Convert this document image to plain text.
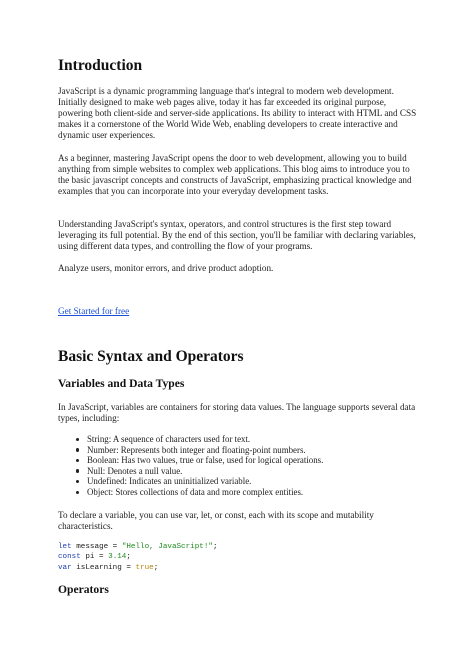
Introduction

JavaScript is a dynamic programming language that's integral to modern web development. Initially designed to make web pages alive, today it has far exceeded its original purpose, powering both client-side and server-side applications. Its ability to interact with HTML and CSS makes it a cornerstone of the World Wide Web, enabling developers to create interactive and dynamic user experiences.

As a beginner, mastering JavaScript opens the door to web development, allowing you to build anything from simple websites to complex web applications. This blog aims to introduce you to the basic javascript concepts and constructs of JavaScript, emphasizing practical knowledge and examples that you can incorporate into your everyday development tasks.

Understanding JavaScript's syntax, operators, and control structures is the first step toward leveraging its full potential. By the end of this section, you'll be familiar with declaring variables, using different data types, and controlling the flow of your programs.

Analyze users, monitor errors, and drive product adoption.

Get Started for free
Basic Syntax and Operators
Variables and Data Types

In JavaScript, variables are containers for storing data values. The language supports several data types, including:

String: A sequence of characters used for text.
Number: Represents both integer and floating-point numbers.
Boolean: Has two values, true or false, used for logical operations.
Null: Denotes a null value.
Undefined: Indicates an uninitialized variable.
Object: Stores collections of data and more complex entities.

To declare a variable, you can use var, let, or const, each with its scope and mutability characteristics.

let message = "Hello, JavaScript!";
const pi = 3.14;
var isLearning = true;
Operators
